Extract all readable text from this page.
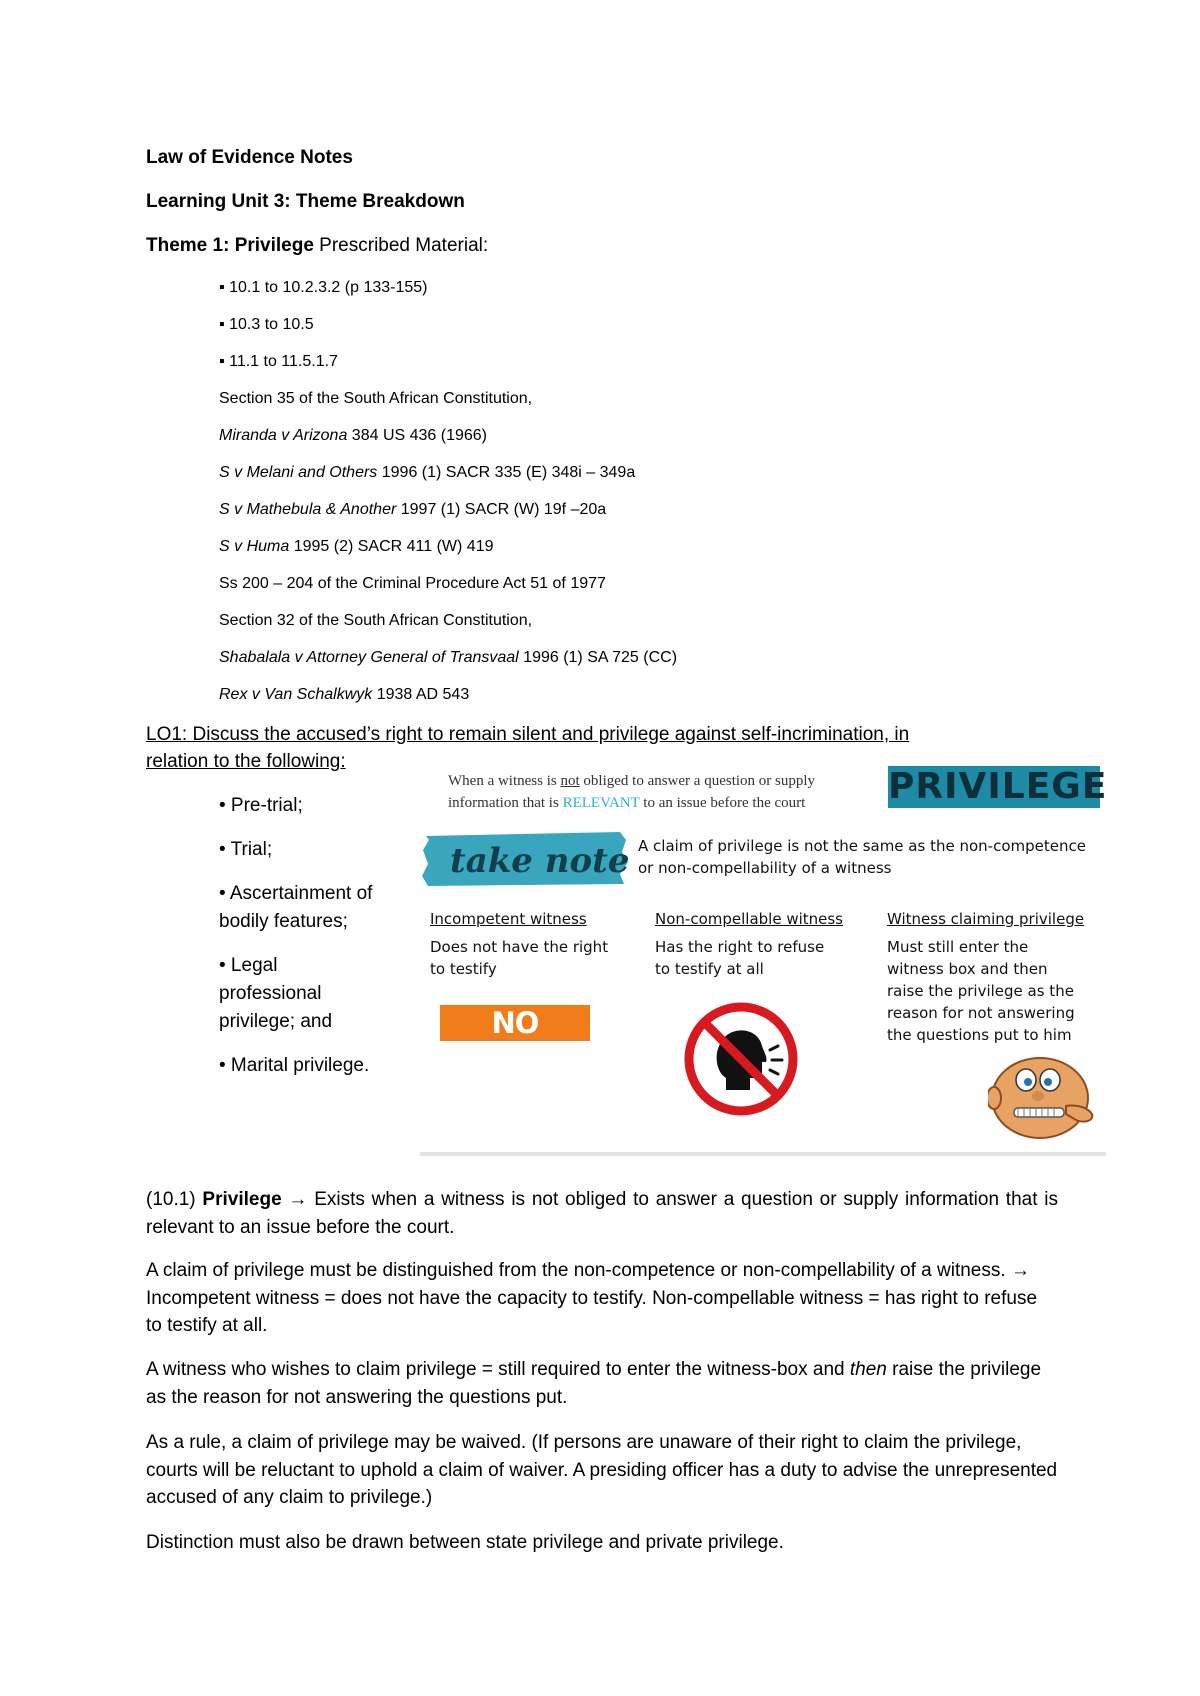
Law of Evidence Notes
Learning Unit 3: Theme Breakdown
Theme 1: Privilege Prescribed Material:
▪ 10.1 to 10.2.3.2 (p 133-155)
▪ 10.3 to 10.5
▪ 11.1 to 11.5.1.7
Section 35 of the South African Constitution,
Miranda v Arizona 384 US 436 (1966)
S v Melani and Others 1996 (1) SACR 335 (E) 348i – 349a
S v Mathebula & Another 1997 (1) SACR (W) 19f –20a
S v Huma 1995 (2) SACR 411 (W) 419
Ss 200 – 204 of the Criminal Procedure Act 51 of 1977
Section 32 of the South African Constitution,
Shabalala v Attorney General of Transvaal 1996 (1) SA 725 (CC)
Rex v Van Schalkwyk 1938 AD 543
LO1: Discuss the accused’s right to remain silent and privilege against self-incrimination, in
relation to the following:
• Pre-trial;
• Trial;
• Ascertainment of bodily features;
• Legal professional privilege; and
• Marital privilege.
When a witness is not obliged to answer a question or supply
information that is RELEVANT to an issue before the court PRIVILEGE
take note A claim of privilege is not the same as the non-competence
or non-compellability of a witness
Incompetent witness
Does not have the right
to testify
Non-compellable witness
Has the right to refuse
to testify at all
Witness claiming privilege
Must still enter the
witness box and then
raise the privilege as the
reason for not answering
the questions put to him
NO RIGHT
(10.1) Privilege → Exists when a witness is not obliged to answer a question or supply information that is relevant to an issue before the court.
A claim of privilege must be distinguished from the non-competence or non-compellability of a witness. → Incompetent witness = does not have the capacity to testify. Non-compellable witness = has right to refuse to testify at all.
A witness who wishes to claim privilege = still required to enter the witness-box and then raise the privilege as the reason for not answering the questions put.
As a rule, a claim of privilege may be waived. (If persons are unaware of their right to claim the privilege, courts will be reluctant to uphold a claim of waiver. A presiding officer has a duty to advise the unrepresented accused of any claim to privilege.)
Distinction must also be drawn between state privilege and private privilege.
